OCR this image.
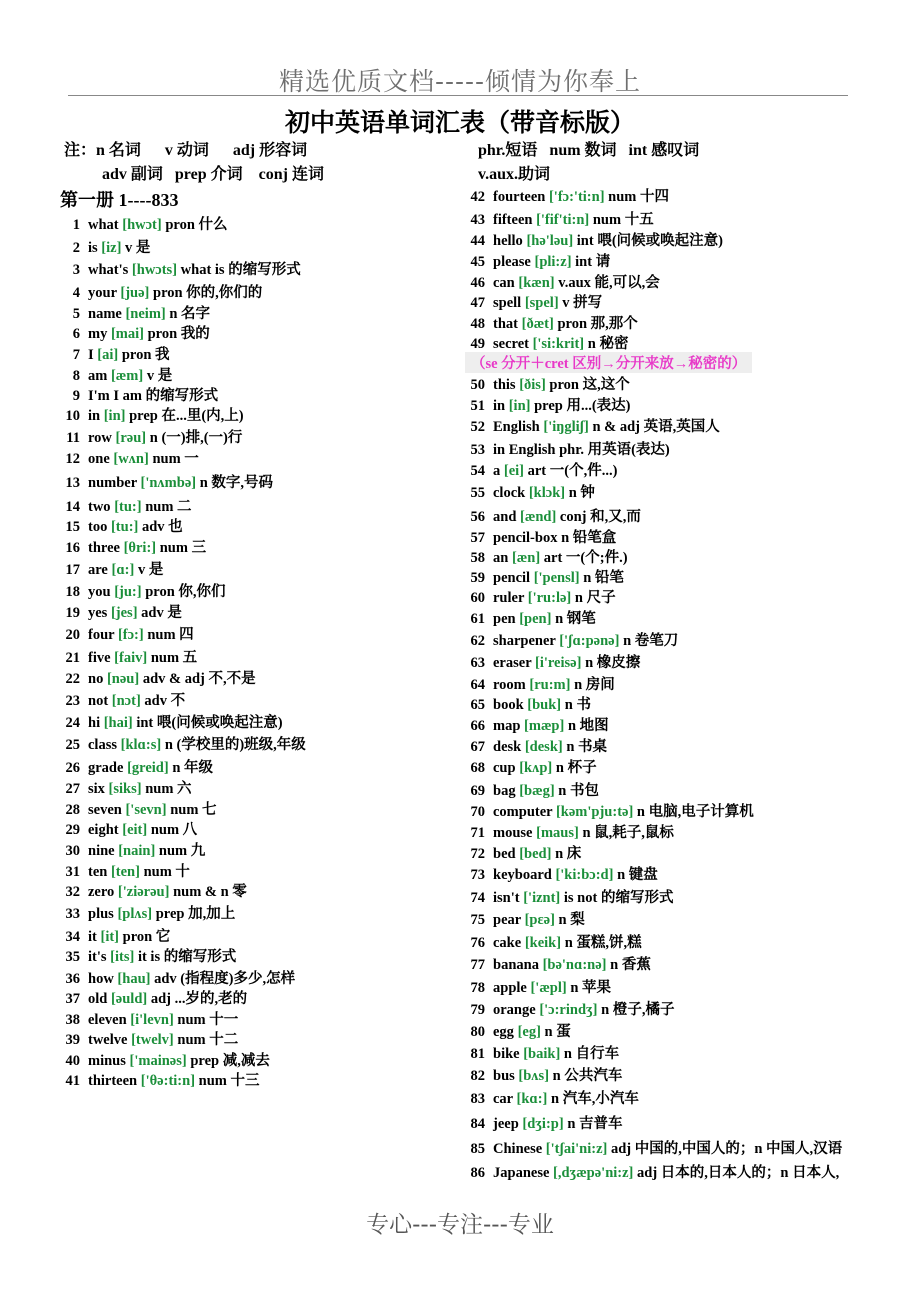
精选优质文档-----倾情为你奉上
初中英语单词汇表（带音标版）
注：n 名词      v 动词      adj 形容词
adv 副词   prep 介词    conj 连词
phr.短语   num 数词   int 感叹词
v.aux.助词
第一册 1----833
1 what [hwɔt] pron 什么
2 is [iz] v 是
3 what's [hwɔts] what is 的缩写形式
4 your [juə] pron 你的,你们的
5 name [neim] n 名字
6 my [mai] pron 我的
7 I [ai] pron 我
8 am [æm] v 是
9 I'm I am 的缩写形式
10 in [in] prep 在...里(内,上)
11 row [rəu] n (一)排,(一)行
12 one [wʌn] num 一
13 number ['nʌmbə] n 数字,号码
14 two [tu:] num 二
15 too [tu:] adv 也
16 three [θri:] num 三
17 are [ɑ:] v 是
18 you [ju:] pron 你,你们
19 yes [jes] adv 是
20 four [fɔ:] num 四
21 five [faiv] num 五
22 no [nəu] adv & adj 不,不是
23 not [nɔt] adv 不
24 hi [hai] int 喂(问候或唤起注意)
25 class [klɑ:s] n (学校里的)班级,年级
26 grade [greid] n 年级
27 six [siks] num 六
28 seven ['sevn] num 七
29 eight [eit] num 八
30 nine [nain] num 九
31 ten [ten] num 十
32 zero ['ziərəu] num & n 零
33 plus [plʌs] prep 加,加上
34 it [it] pron 它
35 it's [its] it is 的缩写形式
36 how [hau] adv (指程度)多少,怎样
37 old [əuld] adj ...岁的,老的
38 eleven [i'levn] num 十一
39 twelve [twelv] num 十二
40 minus ['mainəs] prep 减,减去
41 thirteen ['θə:ti:n] num 十三
42 fourteen ['fɔ:'ti:n] num 十四
43 fifteen ['fif'ti:n] num 十五
44 hello [hə'ləu] int 喂(问候或唤起注意)
45 please [pli:z] int 请
46 can [kæn] v.aux 能,可以,会
47 spell [spel] v 拼写
48 that [ðæt] pron 那,那个
49 secret ['si:krit] n 秘密
50 this [ðis] pron 这,这个
51 in [in] prep 用...(表达)
52 English ['iŋgliʃ] n & adj 英语,英国人
53 in English phr. 用英语(表达)
54 a [ei] art 一(个,件...)
55 clock [klɔk] n 钟
56 and [ænd] conj 和,又,而
57 pencil-box n 铅笔盒
58 an [æn] art 一(个;件.)
59 pencil ['pensl] n 铅笔
60 ruler ['ru:lə] n 尺子
61 pen [pen] n 钢笔
62 sharpener ['ʃɑ:pənə] n 卷笔刀
63 eraser [i'reisə] n 橡皮擦
64 room [ru:m] n 房间
65 book [buk] n 书
66 map [mæp] n 地图
67 desk [desk] n 书桌
68 cup [kʌp] n 杯子
69 bag [bæg] n 书包
70 computer [kəm'pju:tə] n 电脑,电子计算机
71 mouse [maus] n 鼠,耗子,鼠标
72 bed [bed] n 床
73 keyboard ['ki:bɔ:d] n 键盘
74 isn't ['iznt] is not 的缩写形式
75 pear [pεə] n 梨
76 cake [keik] n 蛋糕,饼,糕
77 banana [bə'nɑ:nə] n 香蕉
78 apple ['æpl] n 苹果
79 orange ['ɔ:rindʒ] n 橙子,橘子
80 egg [eg] n 蛋
81 bike [baik] n 自行车
82 bus [bʌs] n 公共汽车
83 car [kɑ:] n 汽车,小汽车
84 jeep [dʒi:p] n 吉普车
85 Chinese ['tʃai'ni:z] adj 中国的,中国人的；n 中国人,汉语
86 Japanese [,dʒæpə'ni:z] adj 日本的,日本人的；n 日本人,
（se 分开＋cret 区别→分开来放→秘密的）
专心---专注---专业
